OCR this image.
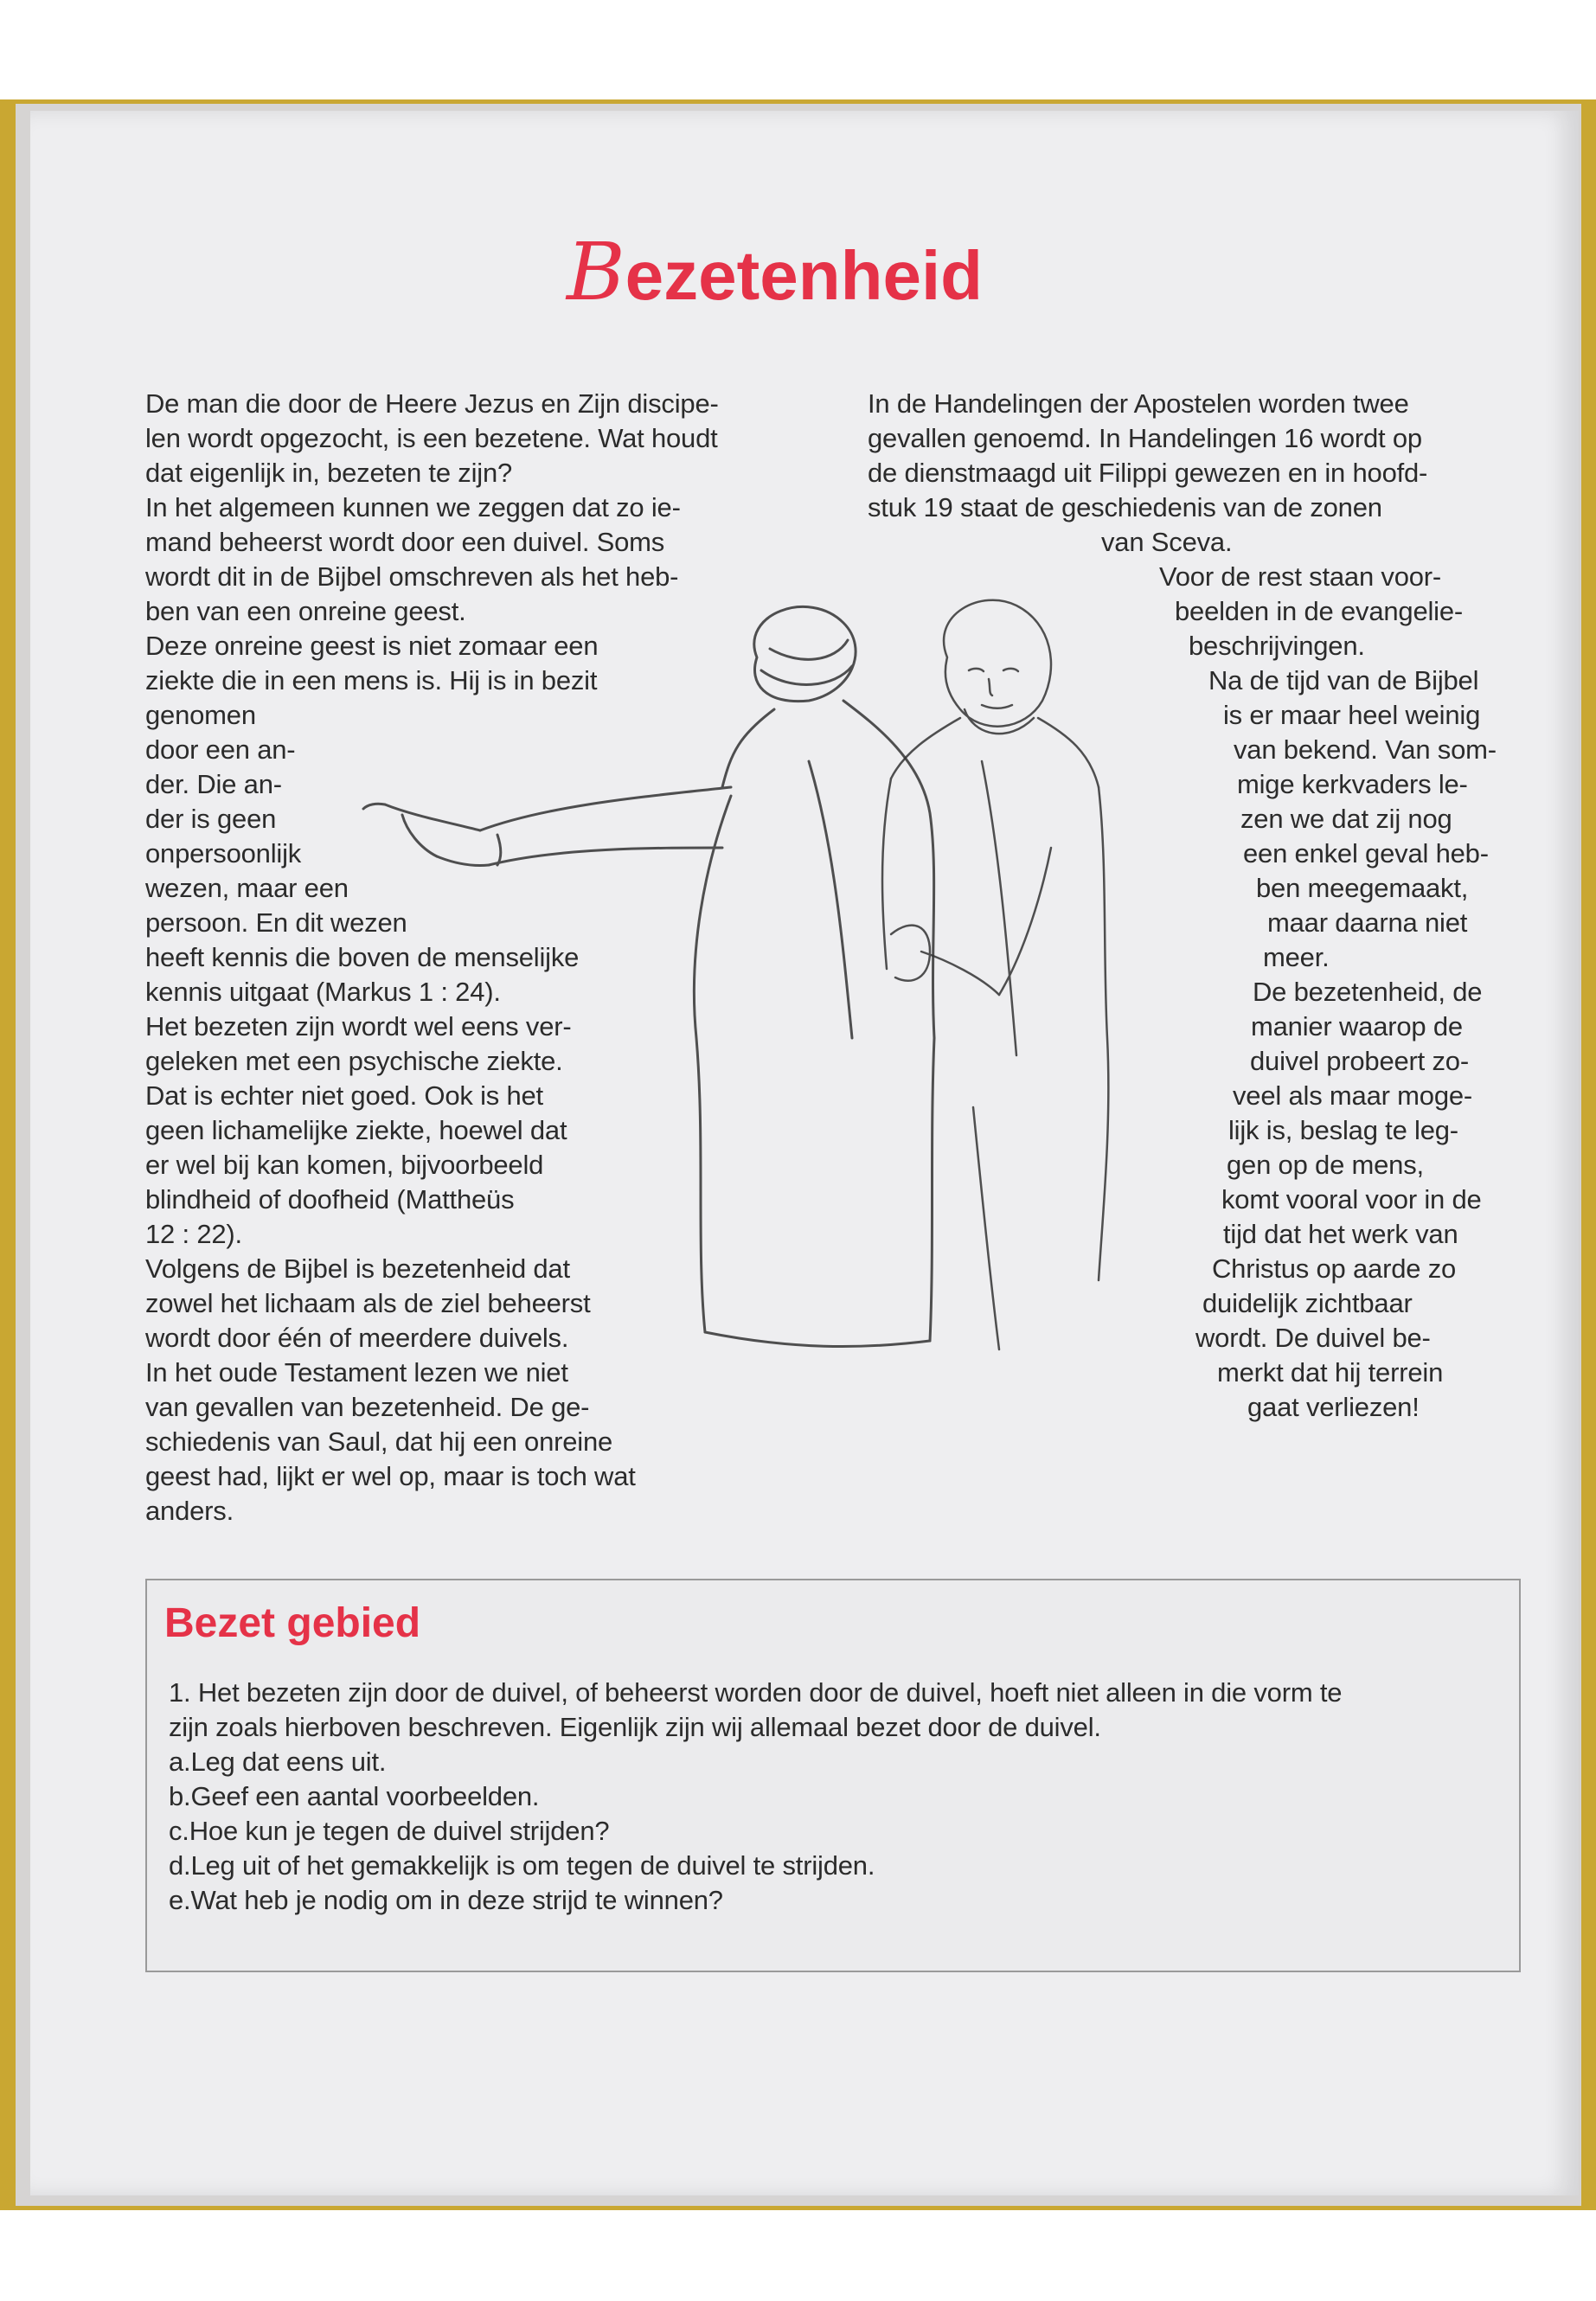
Bezetenheid
De man die door de Heere Jezus en Zijn discipe-
len wordt opgezocht, is een bezetene. Wat houdt
dat eigenlijk in, bezeten te zijn?
In het algemeen kunnen we zeggen dat zo ie-
mand beheerst wordt door een duivel. Soms
wordt dit in de Bijbel omschreven als het heb-
ben van een onreine geest.
Deze onreine geest is niet zomaar een
ziekte die in een mens is. Hij is in bezit
genomen
door een an-
der. Die an-
der is geen
onpersoonlijk
wezen, maar een
persoon. En dit wezen
heeft kennis die boven de menselijke
kennis uitgaat (Markus 1 : 24).
Het bezeten zijn wordt wel eens ver-
geleken met een psychische ziekte.
Dat is echter niet goed. Ook is het
geen lichamelijke ziekte, hoewel dat
er wel bij kan komen, bijvoorbeeld
blindheid of doofheid (Mattheüs
12 : 22).
Volgens de Bijbel is bezetenheid dat
zowel het lichaam als de ziel beheerst
wordt door één of meerdere duivels.
In het oude Testament lezen we niet
van gevallen van bezetenheid. De ge-
schiedenis van Saul, dat hij een onreine
geest had, lijkt er wel op, maar is toch wat
anders.
In de Handelingen der Apostelen worden twee
gevallen genoemd. In Handelingen 16 wordt op
de dienstmaagd uit Filippi gewezen en in hoofd-
stuk 19 staat de geschiedenis van de zonen
van Sceva.
Voor de rest staan voor-
beelden in de evangelie-
beschrijvingen.
Na de tijd van de Bijbel
is er maar heel weinig
van bekend. Van som-
mige kerkvaders le-
zen we dat zij nog
een enkel geval heb-
ben meegemaakt,
maar daarna niet
meer.
De bezetenheid, de
manier waarop de
duivel probeert zo-
veel als maar moge-
lijk is, beslag te leg-
gen op de mens,
komt vooral voor in de
tijd dat het werk van
Christus op aarde zo
duidelijk zichtbaar
wordt. De duivel be-
merkt dat hij terrein
gaat verliezen!
Bezet gebied
1. Het bezeten zijn door de duivel, of beheerst worden door de duivel, hoeft niet alleen in die vorm te
zijn zoals hierboven beschreven. Eigenlijk zijn wij allemaal bezet door de duivel.
a.Leg dat eens uit.
b.Geef een aantal voorbeelden.
c.Hoe kun je tegen de duivel strijden?
d.Leg uit of het gemakkelijk is om tegen de duivel te strijden.
e.Wat heb je nodig om in deze strijd te winnen?
